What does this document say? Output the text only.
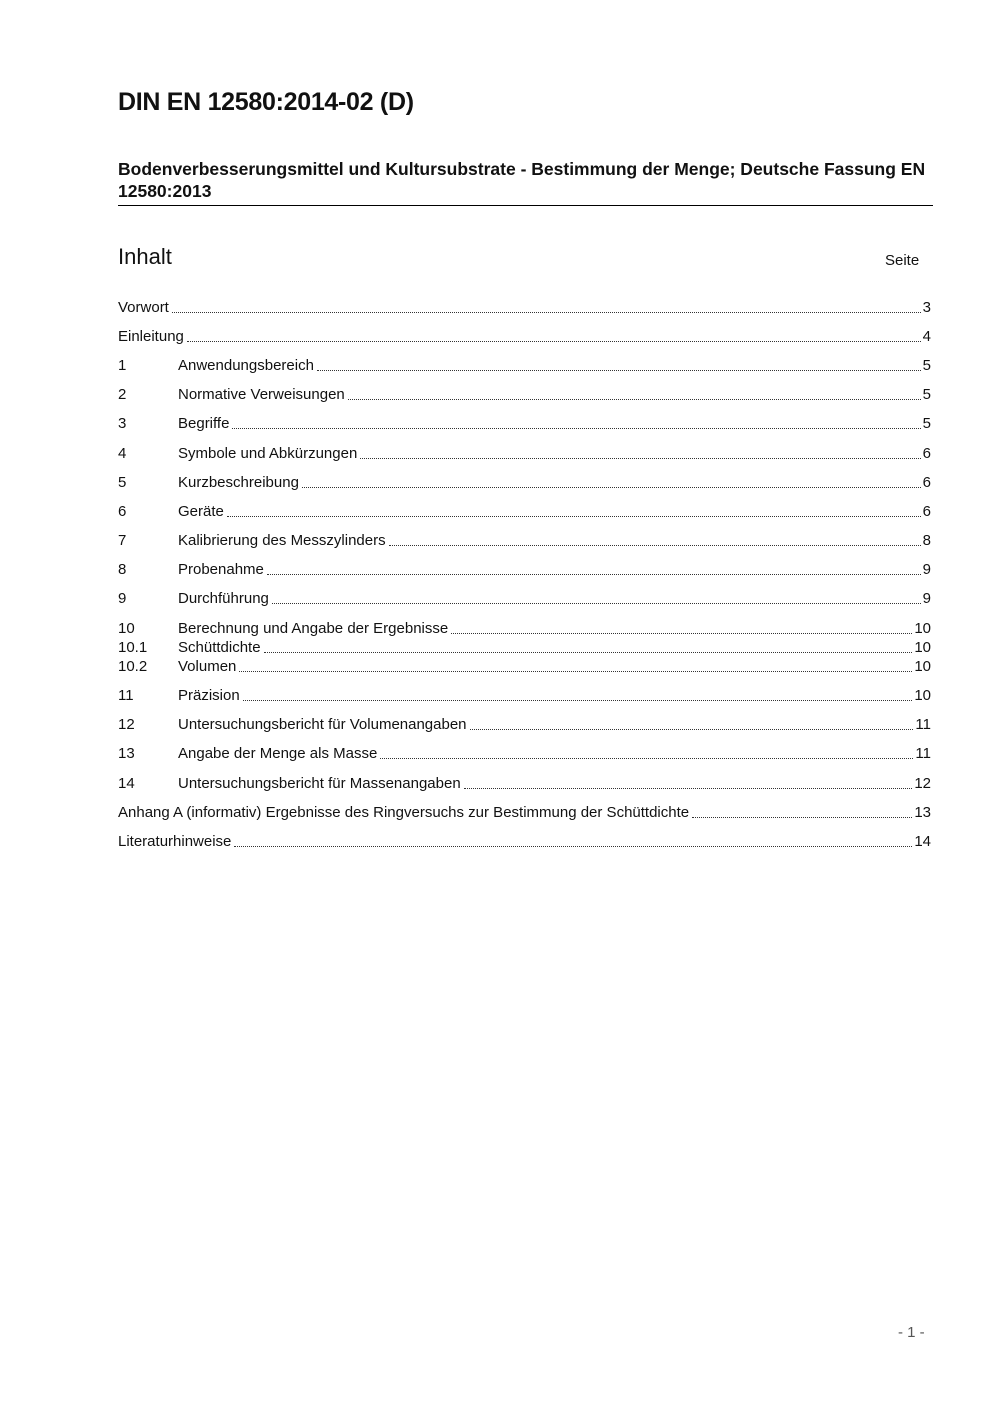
DIN EN 12580:2014-02 (D)
Bodenverbesserungsmittel und Kultursubstrate - Bestimmung der Menge; Deutsche Fassung EN 12580:2013
Inhalt	Seite
Vorwort	3
Einleitung	4
1	Anwendungsbereich	5
2	Normative Verweisungen	5
3	Begriffe	5
4	Symbole und Abkürzungen	6
5	Kurzbeschreibung	6
6	Geräte	6
7	Kalibrierung des Messzylinders	8
8	Probenahme	9
9	Durchführung	9
10	Berechnung und Angabe der Ergebnisse	10
10.1	Schüttdichte	10
10.2	Volumen	10
11	Präzision	10
12	Untersuchungsbericht für Volumenangaben	11
13	Angabe der Menge als Masse	11
14	Untersuchungsbericht für Massenangaben	12
Anhang A (informativ) Ergebnisse des Ringversuchs zur Bestimmung der Schüttdichte	13
Literaturhinweise	14
- 1 -
